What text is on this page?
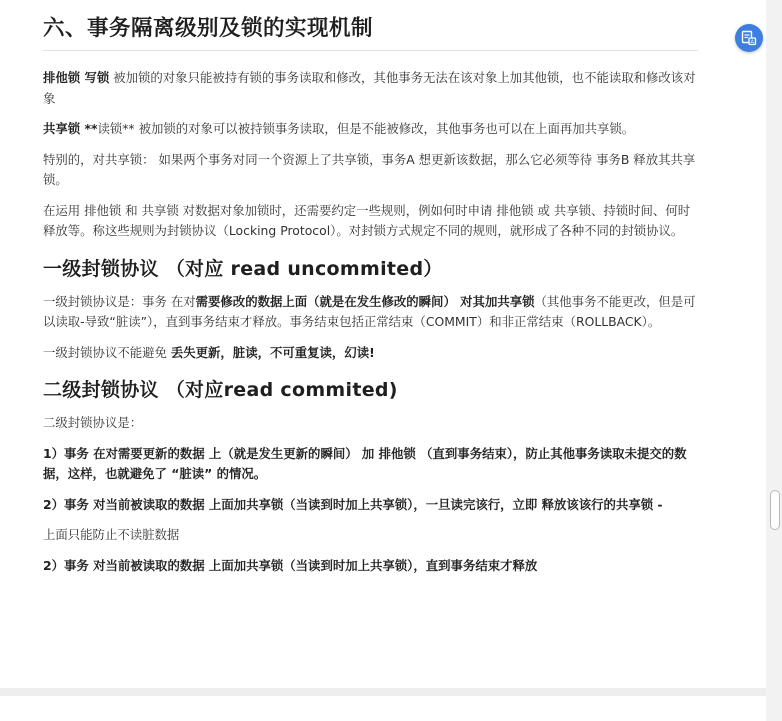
六、事务隔离级别及锁的实现机制

排他锁 写锁 被加锁的对象只能被持有锁的事务读取和修改，其他事务无法在该对象上加其他锁，也不能读取和修改该对象

共享锁 **读锁** 被加锁的对象可以被持锁事务读取，但是不能被修改，其他事务也可以在上面再加共享锁。

特别的，对共享锁： 如果两个事务对同一个资源上了共享锁，事务A 想更新该数据，那么它必须等待 事务B 释放其共享锁。

在运用 排他锁 和 共享锁 对数据对象加锁时，还需要约定一些规则，例如何时申请 排他锁 或 共享锁、持锁时间、何时释放等。称这些规则为封锁协议（Locking Protocol）。对封锁方式规定不同的规则，就形成了各种不同的封锁协议。

一级封锁协议 （对应 read uncommited）

一级封锁协议是：事务 在对需要修改的数据上面（就是在发生修改的瞬间） 对其加共享锁（其他事务不能更改，但是可以读取-导致“脏读”），直到事务结束才释放。事务结束包括正常结束（COMMIT）和非正常结束（ROLLBACK）。

一级封锁协议不能避免 丢失更新，脏读，不可重复读，幻读!

二级封锁协议 （对应read commited)

二级封锁协议是：

1）事务 在对需要更新的数据 上（就是发生更新的瞬间） 加 排他锁 （直到事务结束），防止其他事务读取未提交的数据，这样，也就避免了 “脏读” 的情况。

2）事务 对当前被读取的数据 上面加共享锁（当读到时加上共享锁），一旦读完该行，立即 释放该该行的共享锁 -

上面只能防止不读脏数据

2）事务 对当前被读取的数据 上面加共享锁（当读到时加上共享锁），直到事务结束才释放

A
